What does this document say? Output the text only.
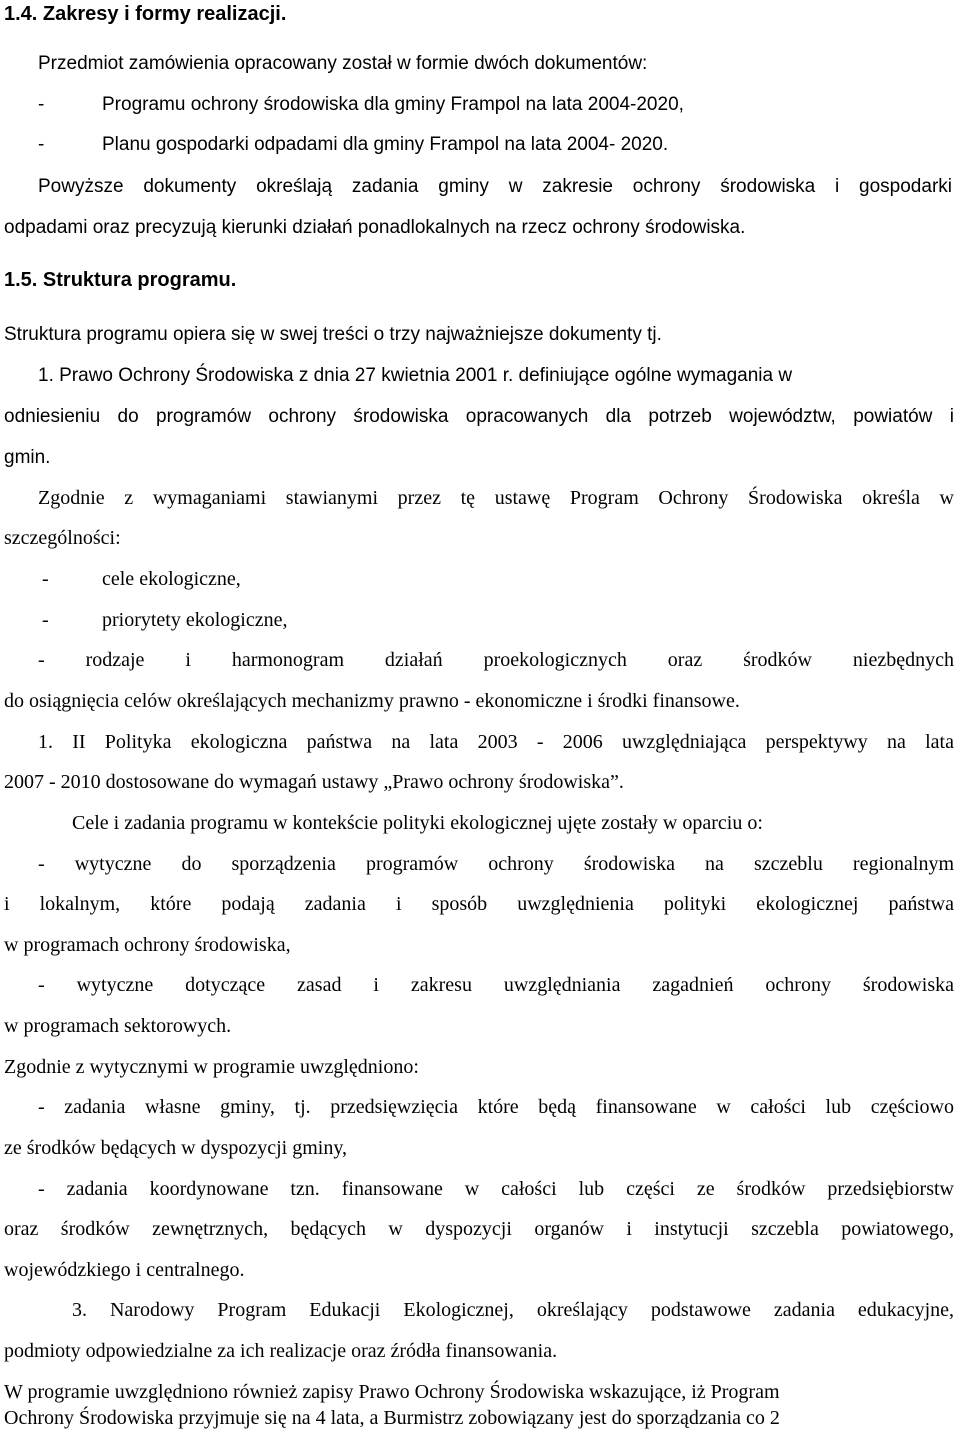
1.4. Zakresy i formy realizacji.
Przedmiot zamówienia opracowany został w formie dwóch dokumentów:
-	Programu ochrony środowiska dla gminy Frampol na lata 2004-2020,
-	Planu gospodarki odpadami dla gminy Frampol na lata 2004- 2020.
Powyższe dokumenty określają zadania gminy w zakresie ochrony środowiska i gospodarki
odpadami oraz precyzują kierunki działań ponadlokalnych na rzecz ochrony środowiska.
1.5. Struktura programu.
Struktura programu opiera się w swej treści o trzy najważniejsze dokumenty tj.
1. Prawo Ochrony Środowiska z dnia 27 kwietnia 2001 r. definiujące ogólne wymagania w
odniesieniu do programów ochrony środowiska opracowanych dla potrzeb województw, powiatów i
gmin.
Zgodnie z wymaganiami stawianymi przez tę ustawę Program Ochrony Środowiska określa w
szczególności:
-	cele ekologiczne,
-	priorytety ekologiczne,
- rodzaje i harmonogram działań proekologicznych oraz środków niezbędnych
do osiągnięcia celów określających mechanizmy prawno - ekonomiczne i środki finansowe.
1. II Polityka ekologiczna państwa na lata 2003 - 2006 uwzględniająca perspektywy na lata
2007 - 2010 dostosowane do wymagań ustawy „Prawo ochrony środowiska”.
Cele i zadania programu w kontekście polityki ekologicznej ujęte zostały w oparciu o:
- wytyczne do sporządzenia programów ochrony środowiska na szczeblu regionalnym
i lokalnym, które podają zadania i sposób uwzględnienia polityki ekologicznej państwa
w programach ochrony środowiska,
- wytyczne dotyczące zasad i zakresu uwzględniania zagadnień ochrony środowiska
w programach sektorowych.
Zgodnie z wytycznymi w programie uwzględniono:
- zadania własne gminy, tj. przedsięwzięcia które będą finansowane w całości lub częściowo
ze środków będących w dyspozycji gminy,
- zadania koordynowane tzn. finansowane w całości lub części ze środków przedsiębiorstw
oraz środków zewnętrznych, będących w dyspozycji organów i instytucji szczebla powiatowego,
wojewódzkiego i centralnego.
3. Narodowy Program Edukacji Ekologicznej, określający podstawowe zadania edukacyjne,
podmioty odpowiedzialne za ich realizacje oraz źródła finansowania.
W programie uwzględniono również zapisy Prawo Ochrony Środowiska wskazujące, iż Program
Ochrony Środowiska przyjmuje się na 4 lata, a Burmistrz zobowiązany jest do sporządzania co 2
